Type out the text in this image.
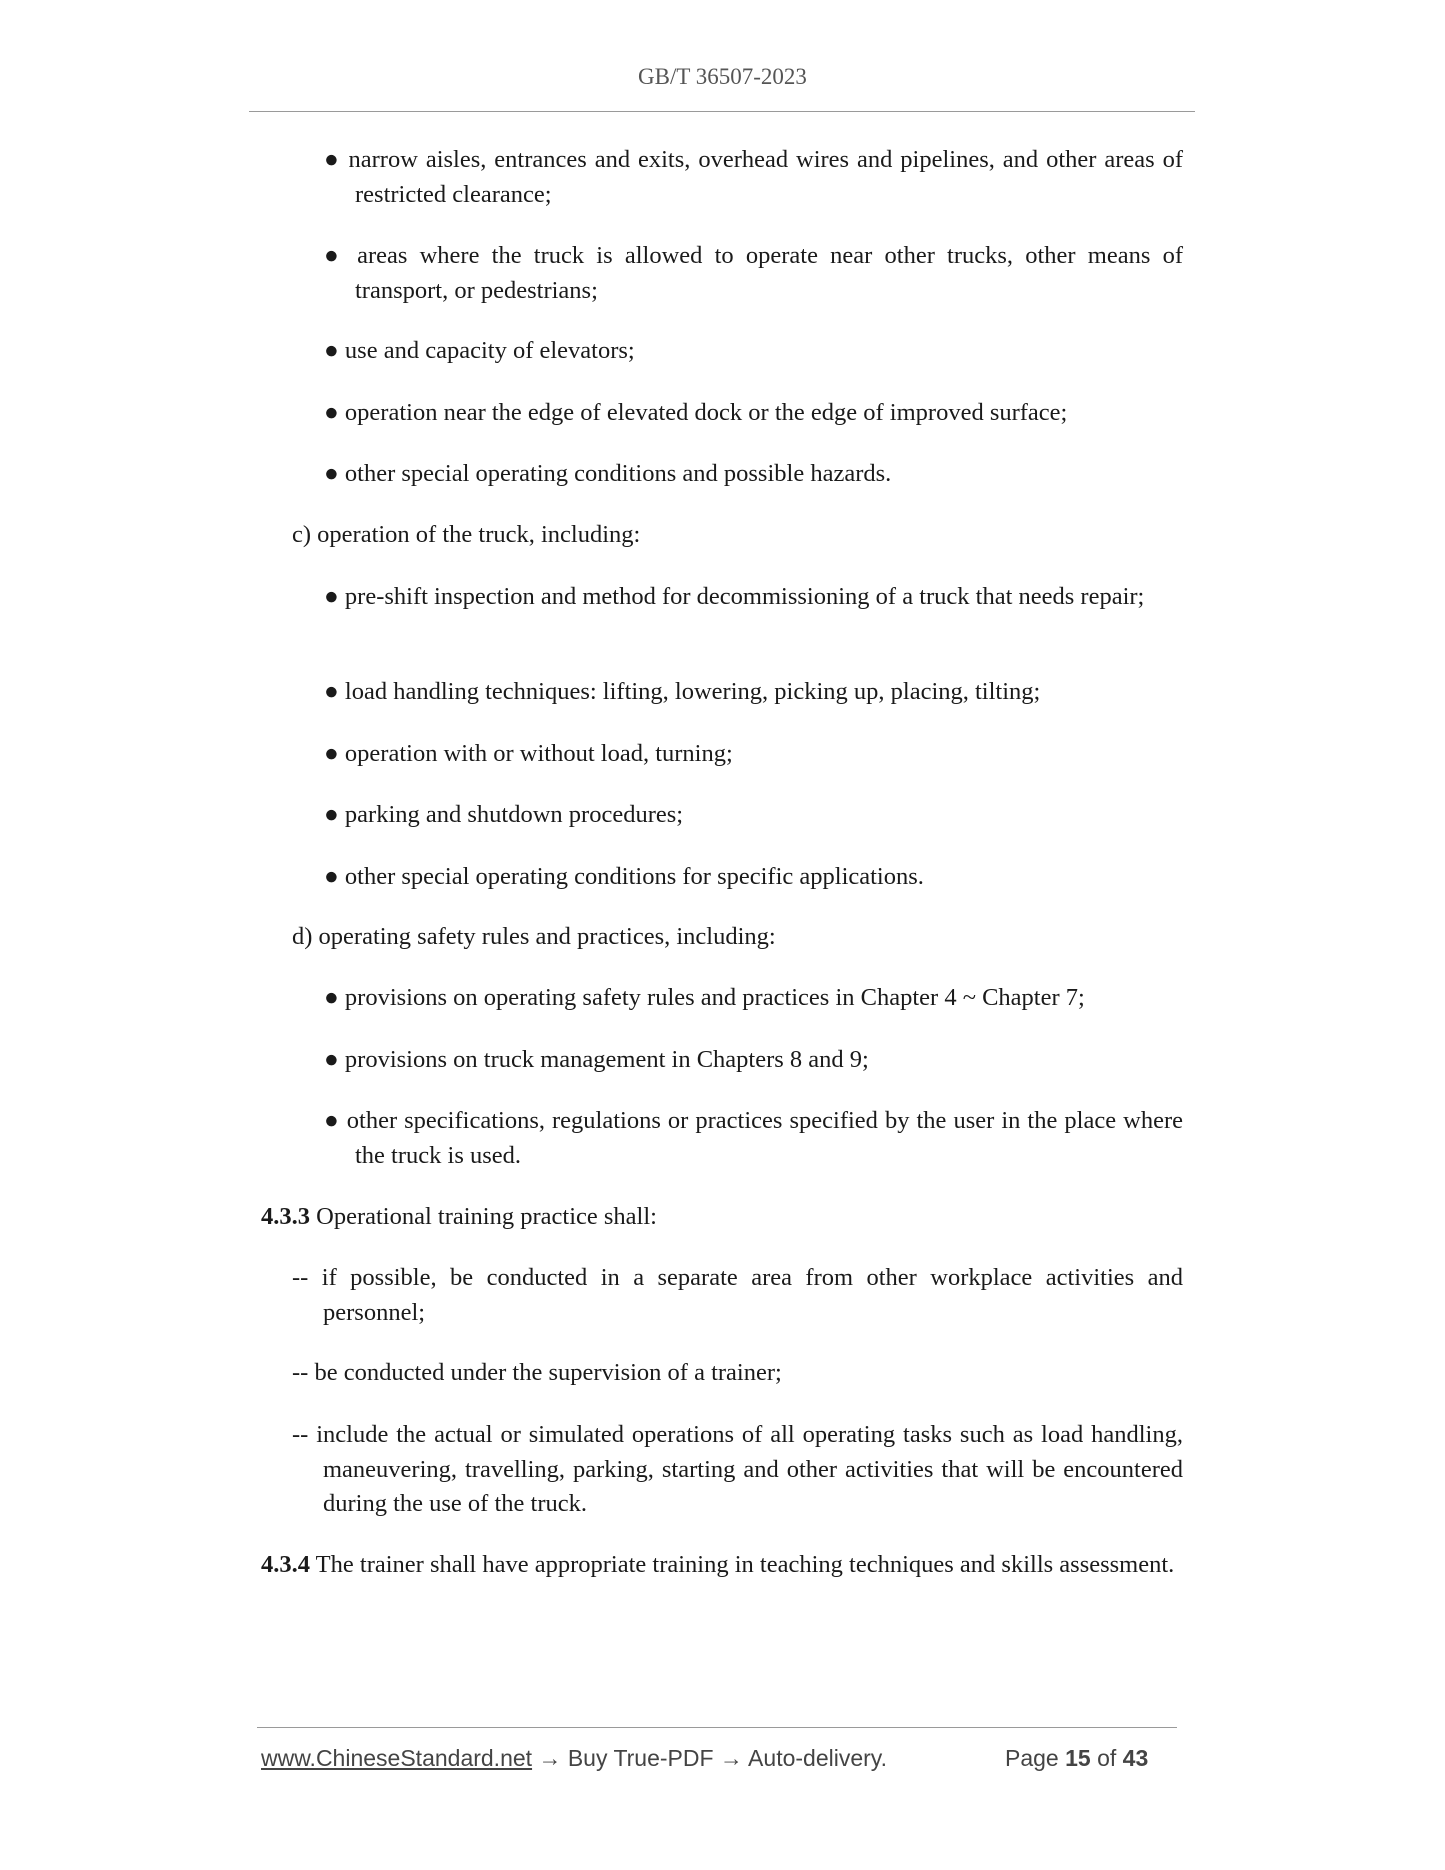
GB/T 36507-2023
● narrow aisles, entrances and exits, overhead wires and pipelines, and other areas of restricted clearance;
● areas where the truck is allowed to operate near other trucks, other means of transport, or pedestrians;
● use and capacity of elevators;
● operation near the edge of elevated dock or the edge of improved surface;
● other special operating conditions and possible hazards.
c) operation of the truck, including:
● pre-shift inspection and method for decommissioning of a truck that needs repair;
● load handling techniques: lifting, lowering, picking up, placing, tilting;
● operation with or without load, turning;
● parking and shutdown procedures;
● other special operating conditions for specific applications.
d) operating safety rules and practices, including:
● provisions on operating safety rules and practices in Chapter 4 ~ Chapter 7;
● provisions on truck management in Chapters 8 and 9;
● other specifications, regulations or practices specified by the user in the place where the truck is used.
4.3.3 Operational training practice shall:
-- if possible, be conducted in a separate area from other workplace activities and personnel;
-- be conducted under the supervision of a trainer;
-- include the actual or simulated operations of all operating tasks such as load handling, maneuvering, travelling, parking, starting and other activities that will be encountered during the use of the truck.
4.3.4 The trainer shall have appropriate training in teaching techniques and skills assessment.
www.ChineseStandard.net → Buy True-PDF → Auto-delivery.	Page 15 of 43
